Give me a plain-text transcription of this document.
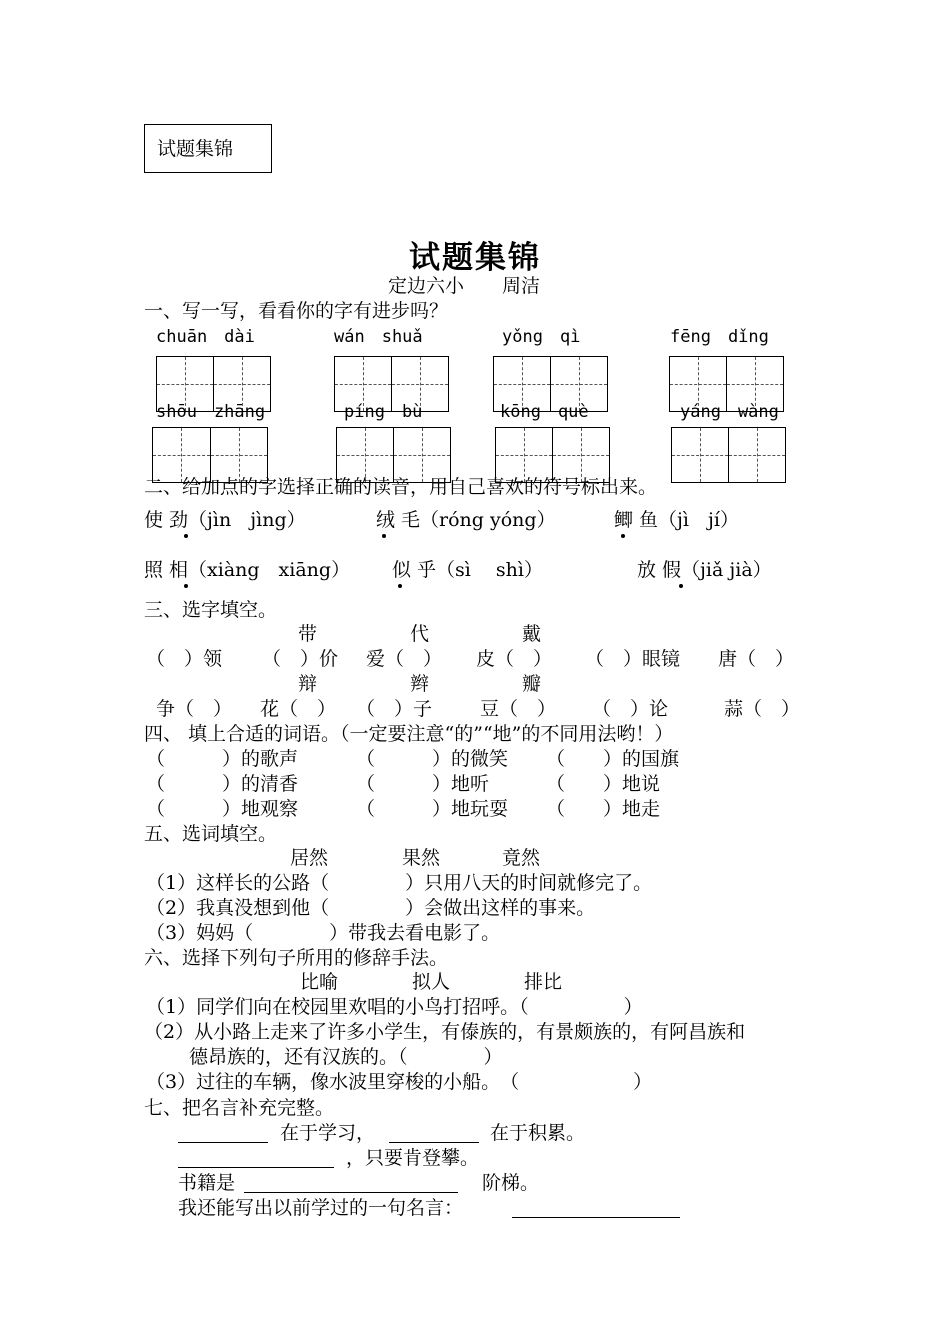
试题集锦
试题集锦
定边六小　　周洁
一、写一写，看看你的字有进步吗？
chuān　dài	wán　shuǎ	yǒng　qì	fēng　dǐng
shōu　zhāng	píng　bù	kōng　què	yáng　wàng
二、给加点的字选择正确的读音，用自己喜欢的符号标出来。
使 劲（jìn　jìng）	绒 毛（róng yóng）	鲫 鱼（jì　jí）
照 相（xiàng　xiāng） 似 乎（sì　 shì）	放 假（jiǎ jià）
三、选字填空。
带	代	戴
（　）领 （　）价 爱（　） 皮（　） （　）眼镜 唐（　）
辩	辫	瓣
争（　） 花（　） （　）子	豆（　） （　）论	蒜（　）
四、 填上合适的词语。（一定要注意“的”“地”的不同用法哟！）
（　　　）的歌声	（　　　）的微笑 （　　）的国旗
（　　　）的清香	（　　　）地听	（　　）地说
（　　　）地观察	（　　　）地玩耍 （　　）地走
五、选词填空。
居然	果然	竟然
（1）这样长的公路（　　　　）只用八天的时间就修完了。
（2）我真没想到他（　　　　）会做出这样的事来。
（3）妈妈（　　　　）带我去看电影了。
六、选择下列句子所用的修辞手法。
比喻	拟人	排比
（1）同学们向在校园里欢唱的小鸟打招呼。（　　　　　）
（2）从小路上走来了许多小学生，有傣族的，有景颇族的，有阿昌族和
德昂族的，还有汉族的。（　　　　）
（3）过往的车辆，像水波里穿梭的小船。　（　　　　　　）
七、把名言补充完整。
在于学习，	在于积累。
，只要肯登攀。
书籍是	阶梯。
我还能写出以前学过的一句名言：
